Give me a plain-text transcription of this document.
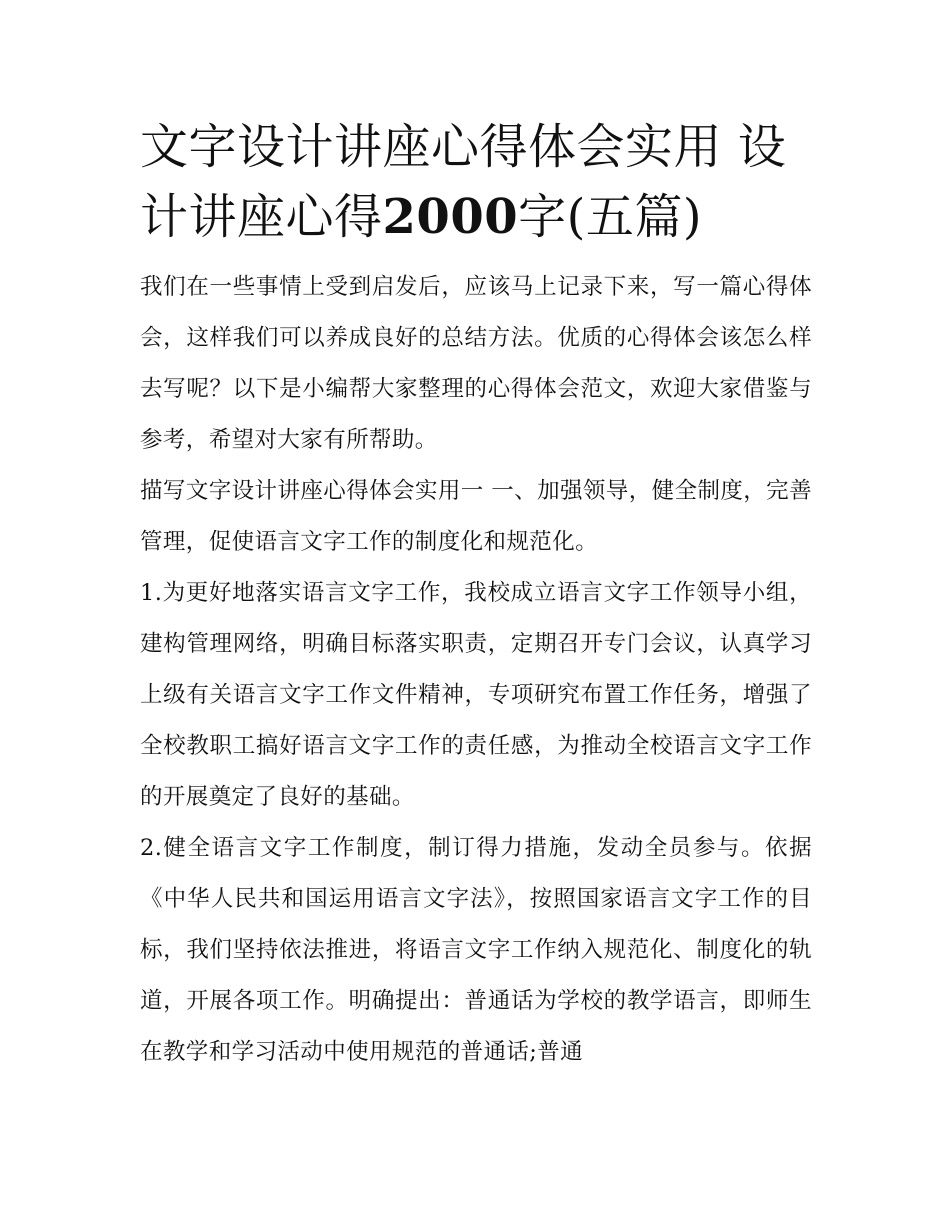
文字设计讲座心得体会实用 设计讲座心得2000字(五篇)

我们在一些事情上受到启发后，应该马上记录下来，写一篇心得体会，这样我们可以养成良好的总结方法。优质的心得体会该怎么样去写呢？以下是小编帮大家整理的心得体会范文，欢迎大家借鉴与参考，希望对大家有所帮助。

描写文字设计讲座心得体会实用一 一、加强领导，健全制度，完善管理，促使语言文字工作的制度化和规范化。

1.为更好地落实语言文字工作，我校成立语言文字工作领导小组，建构管理网络，明确目标落实职责，定期召开专门会议，认真学习上级有关语言文字工作文件精神，专项研究布置工作任务，增强了全校教职工搞好语言文字工作的责任感，为推动全校语言文字工作的开展奠定了良好的基础。

2.健全语言文字工作制度，制订得力措施，发动全员参与。依据《中华人民共和国运用语言文字法》，按照国家语言文字工作的目标，我们坚持依法推进，将语言文字工作纳入规范化、制度化的轨道，开展各项工作。明确提出：普通话为学校的教学语言，即师生在教学和学习活动中使用规范的普通话;普通
